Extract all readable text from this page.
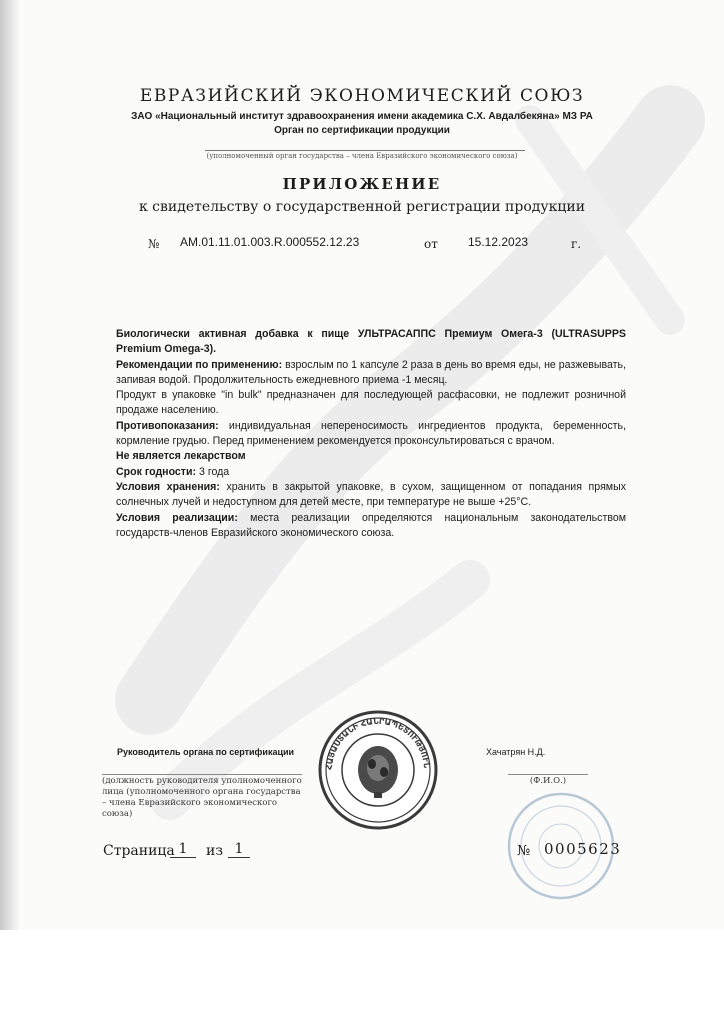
ЕВРАЗИЙСКИЙ ЭКОНОМИЧЕСКИЙ СОЮЗ
ЗАО «Национальный институт здравоохранения имени академика С.Х. Авдалбекяна» МЗ РА
Орган по сертификации продукции
(уполномоченный орган государства – члена Евразийского экономического союза)
ПРИЛОЖЕНИЕ
к свидетельству о государственной регистрации продукции
№ AM.01.11.01.003.R.000552.12.23	от	15.12.2023	г.

Биологически активная добавка к пище УЛЬТРАСАППС Премиум Омега-3 (ULTRASUPPS Premium Omega-3).

Рекомендации по применению: взрослым по 1 капсуле 2 раза в день во время еды, не разжевывать, запивая водой. Продолжительность ежедневного приема -1 месяц.

Продукт в упаковке "in bulk" предназначен для последующей расфасовки, не подлежит розничной продаже населению.

Противопоказания: индивидуальная непереносимость ингредиентов продукта, беременность, кормление грудью. Перед применением рекомендуется проконсультироваться с врачом.

Не является лекарством

Срок годности: 3 года

Условия хранения: хранить в закрытой упаковке, в сухом, защищенном от попадания прямых солнечных лучей и недоступном для детей месте, при температуре не выше +25°С.

Условия реализации: места реализации определяются национальным законодательством государств-членов Евразийского экономического союза.

Руководитель органа по сертификации	Хачатрян Н.Д.
(должность руководителя уполномоченного лица (уполномоченного органа государства – члена Евразийского экономического союза)
(Ф.И.О.)
ՀԱՅԱՍՏԱՆԻ ՀԱՆՐԱՊԵՏՈՒԹՅՈՒՆ
Страница 1	из 1	№ 0005623
